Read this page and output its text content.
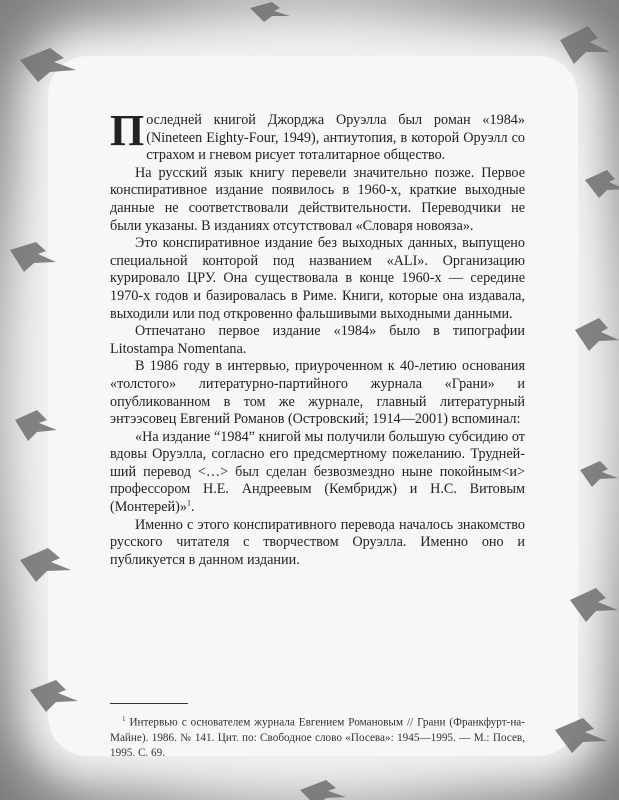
Последней книгой Джорджа Оруэлла был роман «1984» (Nineteen Eighty-Four, 1949), антиутопия, в которой Оруэлл со страхом и гневом рисует тоталитарное общество.

На русский язык книгу перевели значительно позже. Первое конспиративное издание появилось в 1960-х, краткие выходные данные не соответствовали действительности. Переводчики не были указаны. В изданиях отсутствовал «Словаря новояза».

Это конспиративное издание без выходных данных, выпущено специальной конторой под названием «ALI». Организацию курировало ЦРУ. Она существовала в конце 1960-х — середине 1970-х годов и базировалась в Риме. Книги, которые она издавала, выходили или под откровенно фальшивыми выходными данными.

Отпечатано первое издание «1984» было в типографии Litostampa Nomentana.

В 1986 году в интервью, приуроченном к 40-летию основания «толстого» литературно-партийного журнала «Грани» и опубликованном в том же журнале, главный литературный энтээсовец Евгений Романов (Островский; 1914—2001) вспоминал:

«На издание “1984” книгой мы получили большую субсидию от вдовы Оруэлла, согласно его предсмертному пожеланию. Труднейший перевод <…> был сделан безвозмездно ныне покойным<и> профессором Н.Е. Андреевым (Кембридж) и Н.С. Витовым (Монтерей)»$^1$.

Именно с этого конспиративного перевода началось знакомство русского читателя с творчеством Оруэлла. Именно оно и публикуется в данном издании.

$^1$ Интервью с основателем журнала Евгением Романовым // Грани (Франкфурт-на-Майне). 1986. № 141. Цит. по: Свободное слово «Посева»: 1945—1995. — М.: Посев, 1995. С. 69.
